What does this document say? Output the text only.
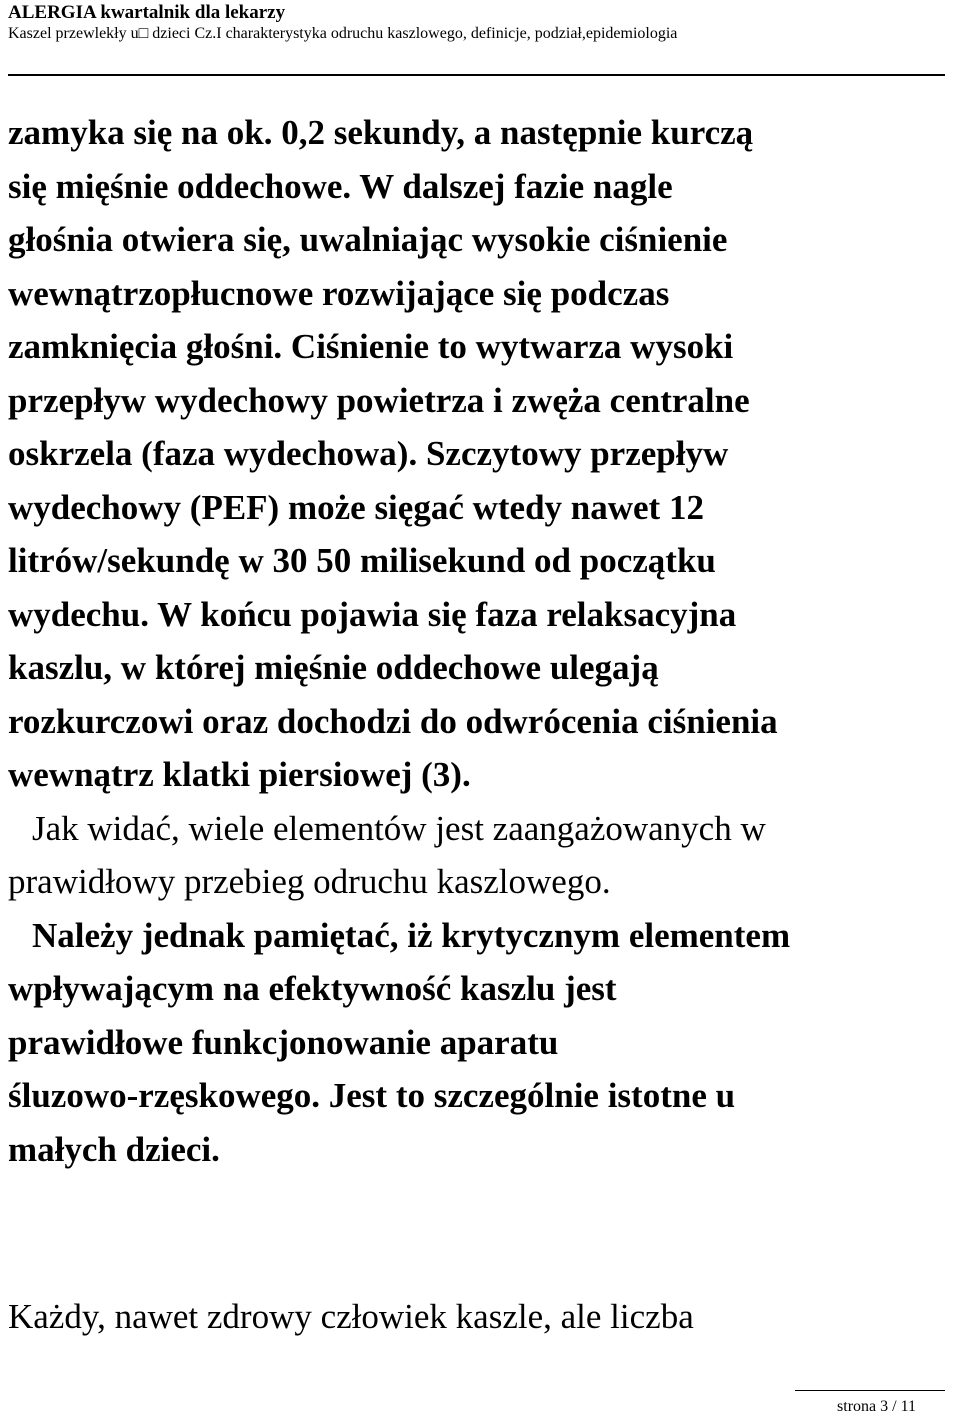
ALERGIA kwartalnik dla lekarzy
Kaszel przewlekły u□ dzieci Cz.I charakterystyka odruchu kaszlowego, definicje, podział,epidemiologia
zamyka się na ok. 0,2 sekundy, a następnie kurczą
się mięśnie oddechowe. W dalszej fazie nagle
głośnia otwiera się, uwalniając wysokie ciśnienie
wewnątrzopłucnowe rozwijające się podczas
zamknięcia głośni. Ciśnienie to wytwarza wysoki
przepływ wydechowy powietrza i zwęża centralne
oskrzela (faza wydechowa). Szczytowy przepływ
wydechowy (PEF) może sięgać wtedy nawet 12
litrów/sekundę w 30 50 milisekund od początku
wydechu. W końcu pojawia się faza relaksacyjna
kaszlu, w której mięśnie oddechowe ulegają
rozkurczowi oraz dochodzi do odwrócenia ciśnienia
wewnątrz klatki piersiowej (3).
Jak widać, wiele elementów jest zaangażowanych w
prawidłowy przebieg odruchu kaszlowego.
Należy jednak pamiętać, iż krytycznym elementem
wpływającym na efektywność kaszlu jest
prawidłowe funkcjonowanie aparatu
śluzowo-rzęskowego. Jest to szczególnie istotne u
małych dzieci.
Każdy, nawet zdrowy człowiek kaszle, ale liczba
strona 3 / 11
